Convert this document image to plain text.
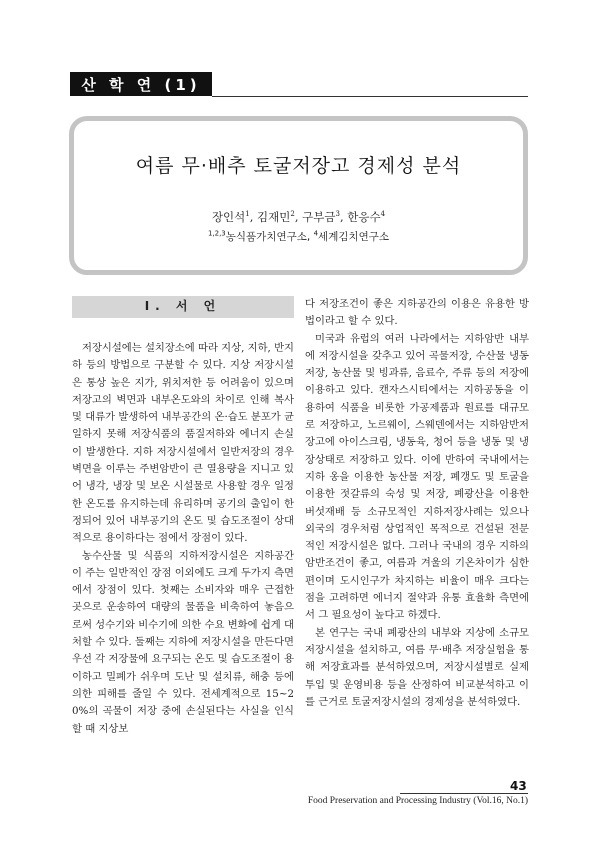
산 학 연 (1)
여름 무·배추 토굴저장고 경제성 분석
장인석$^1$, 김재민$^2$, 구부금$^3$, 한응수$^4$
$^{1,2,3}$농식품가치연구소, $^4$세계김치연구소
Ⅰ. 서 언

저장시설에는 설치장소에 따라 지상, 지하, 반지하 등의 방법으로 구분할 수 있다. 지상 저장시설은 통상 높은 지가, 위치저한 등 어려움이 있으며 저장고의 벽면과 내부온도와의 차이로 인해 복사 및 대류가 발생하여 내부공간의 온·습도 분포가 균일하지 못해 저장식품의 품질저하와 에너지 손실이 발생한다. 지하 저장시설에서 일반저장의 경우 벽면을 이루는 주변암반이 큰 열용량을 지니고 있어 냉각, 냉장 및 보온 시설물로 사용할 경우 일정한 온도를 유지하는데 유리하며 공기의 출입이 한정되어 있어 내부공기의 온도 및 습도조절이 상대적으로 용이하다는 점에서 장점이 있다.

농수산물 및 식품의 지하저장시설은 지하공간이 주는 일반적인 장점 이외에도 크게 두가지 측면에서 장점이 있다. 첫째는 소비자와 매우 근접한 곳으로 운송하여 대량의 물품을 비축하여 놓음으로써 성수기와 비수기에 의한 수요 변화에 쉽게 대처할 수 있다. 둘째는 지하에 저장시설을 만든다면 우선 각 저장물에 요구되는 온도 및 습도조절이 용이하고 밀폐가 쉬우며 도난 및 설치류, 해충 등에 의한 피해를 줄일 수 있다. 전세계적으로 15~20%의 곡물이 저장 중에 손실된다는 사실을 인식할 때 지상보

다 저장조건이 좋은 지하공간의 이용은 유용한 방법이라고 할 수 있다.

미국과 유럽의 여러 나라에서는 지하암반 내부에 저장시설을 갖추고 있어 곡물저장, 수산물 냉동저장, 농산물 및 빙과류, 음료수, 주류 등의 저장에 이용하고 있다. 캔자스시티에서는 지하공동을 이용하여 식품을 비롯한 가공제품과 원료를 대규모로 저장하고, 노르웨이, 스웨덴에서는 지하암반저장고에 아이스크림, 냉동육, 청어 등을 냉동 및 냉장상태로 저장하고 있다. 이에 반하여 국내에서는 지하 옹을 이용한 농산물 저장, 폐갱도 및 토굴을 이용한 젓갈류의 숙성 및 저장, 폐광산을 이용한 버섯재배 등 소규모적인 지하저장사례는 있으나 외국의 경우처럼 상업적인 목적으로 건설된 전문적인 저장시설은 없다. 그러나 국내의 경우 지하의 암반조건이 좋고, 여름과 겨울의 기온차이가 심한 편이며 도시인구가 차지하는 비율이 매우 크다는 점을 고려하면 에너지 절약과 유통 효율화 측면에서 그 필요성이 높다고 하겠다.

본 연구는 국내 폐광산의 내부와 지상에 소규모 저장시설을 설치하고, 여름 무·배추 저장실험을 통해 저장효과를 분석하였으며, 저장시설별로 실제 투입 및 운영비용 등을 산정하여 비교분석하고 이를 근거로 토굴저장시설의 경제성을 분석하였다.

43
Food Preservation and Processing Industry (Vol.16, No.1)
